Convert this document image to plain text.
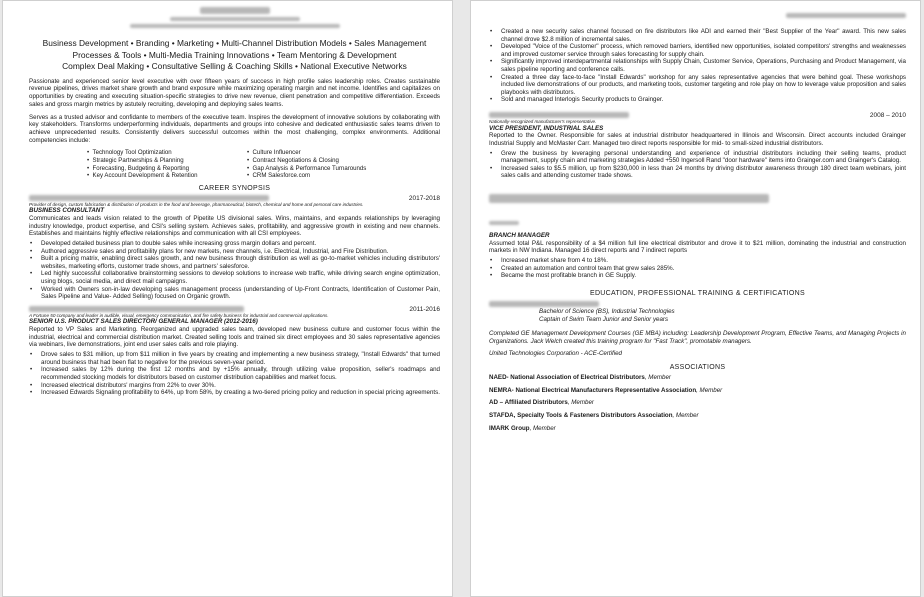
Business Development • Branding • Marketing • Multi-Channel Distribution Models • Sales Management
Processes & Tools • Multi-Media Training Innovations • Team Mentoring & Development
Complex Deal Making • Consultative Selling & Coaching Skills • National Executive Networks

Passionate and experienced senior level executive with over fifteen years of success in high profile sales leadership roles. Creates sustainable revenue pipelines, drives market share growth and brand exposure while maximizing operating margin and net income. Identifies and capitalizes on opportunities by creating and executing situation-specific strategies to drive new revenue, client penetration and competitive differentiation. Exceeds sales and gross margin metrics by astutely recruiting, developing and deploying sales teams.

Serves as a trusted advisor and confidante to members of the executive team. Inspires the development of innovative solutions by collaborating with key stakeholders. Transforms underperforming individuals, departments and groups into cohesive and dedicated enthusiastic sales teams driven to achieve unprecedented results. Consistently delivers successful outcomes within the most challenging, complex environments. Additional competencies include:

•  Technology Tool Optimization	•  Culture Influencer
•  Strategic Partnerships & Planning	•  Contract Negotiations & Closing
•  Forecasting, Budgeting & Reporting	•  Gap Analysis & Performance Turnarounds
•  Key Account Development & Retention	•  CRM Salesforce.com
CAREER SYNOPSIS
2017-2018
Provider of design, custom fabrication & distribution of products in the food and beverage, pharmaceutical, biotech, chemical and home and personal care industries.
BUSINESS CONSULTANT

Communicates and leads vision related to the growth of Pipetite US divisional sales. Wins, maintains, and expands relationships by leveraging industry knowledge, product expertise, and CSI's selling system. Achieves sales, profitability, and aggressive growth in existing and new channels. Establishes and maintains highly effective relationships and communication with all CSI employees.

• Developed detailed business plan to double sales while increasing gross margin dollars and percent.
• Authored aggressive sales and profitability plans for new markets, new channels, i.e. Electrical, Industrial, and Fire Distribution.
• Built a pricing matrix, enabling direct sales growth, and new business through distribution as well as go-to-market vehicles including distributors' websites, marketing efforts, customer trade shows, and partners' salesforce.
• Led highly successful collaborative brainstorming sessions to develop solutions to increase web traffic, while driving search engine optimization, using blogs, social media, and direct mail campaigns.
• Worked with Owners son-in-law developing sales management process (understanding of Up-Front Contracts, Identification of Customer Pain, Sales Pipeline and Value- Added Selling) focused on Organic growth.
2011-2016
A Fortune 50 company and leader in audible, visual, emergency communication, and fire safety business for industrial and commercial applications.
SENIOR U.S. PRODUCT SALES DIRECTOR/ GENERAL MANAGER (2012-2016)

Reported to VP Sales and Marketing. Reorganized and upgraded sales team, developed new business culture and customer focus within the industrial, electrical and commercial distribution market. Created selling tools and trained six direct employees and 30 sales representative agencies via webinars, live demonstrations, joint end user sales calls and role playing.

• Drove sales to $31 million, up from $11 million in five years by creating and implementing a new business strategy, "Install Edwards" that turned around business that had been flat to negative for the previous seven-year period.
• Increased sales by 12% during the first 12 months and by +15% annually, through utilizing value proposition, seller's roadmaps and recommended stocking models for distributors based on customer distribution capabilities and market focus.
• Increased electrical distributors' margins from 22% to over 30%.
• Increased Edwards Signaling profitability to 64%, up from 58%, by creating a two-tiered pricing policy and reduction in special pricing agreements.
• Created a new security sales channel focused on fire distributors like ADI and earned their "Best Supplier of the Year" award. This new sales channel drove $2.8 million of incremental sales.
• Developed "Voice of the Customer" process, which removed barriers, identified new opportunities, isolated competitors' strengths and weaknesses and improved customer service through sales forecasting for supply chain.
• Significantly improved interdepartmental relationships with Supply Chain, Customer Service, Operations, Purchasing and Product Management, via sales pipeline reporting and conference calls.
• Created a three day face-to-face "Install Edwards" workshop for any sales representative agencies that were behind goal. These workshops included live demonstrations of our products, and marketing tools, customer targeting and role play on how to leverage value proposition and sales playbooks with distributors.
• Sold and managed Interlogis Security products to Grainger.
2008 – 2010
Nationally-recognized manufacturer's representative.
VICE PRESIDENT, INDUSTRIAL SALES

Reported to the Owner. Responsible for sales at industrial distributor headquartered in Illinois and Wisconsin. Direct accounts included Grainger Industrial Supply and McMaster Carr. Managed two direct reports responsible for mid- to small-sized industrial distributors.

• Grew the business by leveraging personal understanding and experience of industrial distributors including their selling teams, product management, supply chain and marketing strategies Added +550 Ingersoll Rand "door hardware" items into Grainger.com and Grainger's Catalog.
• Increased sales to $5.5 million, up from $230,000 in less than 24 months by driving distributor awareness through 180 direct team webinars, joint sales calls and attending customer trade shows.
BRANCH MANAGER

Assumed total P&L responsibility of a $4 million full line electrical distributor and drove it to $21 million, dominating the industrial and construction markets in NW Indiana. Managed 16 direct reports and 7 indirect reports

• Increased market share from 4 to 18%.
• Created an automation and control team that grew sales 285%.
• Became the most profitable branch in GE Supply.
EDUCATION, PROFESSIONAL TRAINING & CERTIFICATIONS
Bachelor of Science (BS), Industrial Technologies
Captain of Swim Team Junior and Senior years

Completed GE Management Development Courses (GE MBA) including: Leadership Development Program, Effective Teams, and Managing Projects in Organizations. Jack Welch created this training program for "Fast Track", promotable managers.

United Technologies Corporation - ACE-Certified
ASSOCIATIONS
NAED- National Association of Electrical Distributors, Member
NEMRA- National Electrical Manufacturers Representative Association, Member
AD – Affiliated Distributors, Member
STAFDA, Specialty Tools & Fasteners Distributors Association, Member
IMARK Group, Member
